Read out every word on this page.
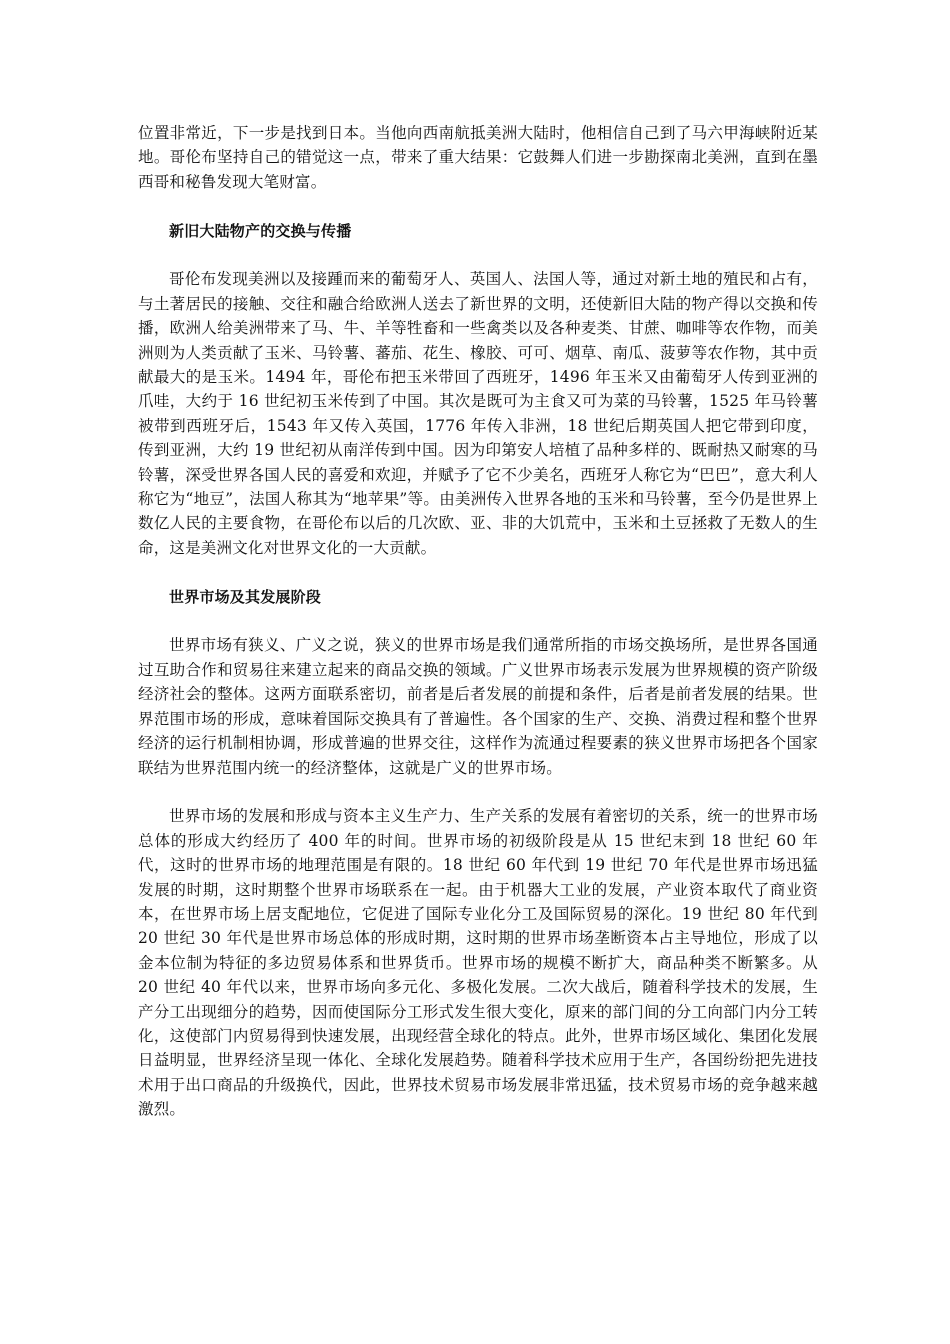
位置非常近，下一步是找到日本。当他向西南航抵美洲大陆时，他相信自己到了马六甲海峡附近某地。哥伦布坚持自己的错觉这一点，带来了重大结果：它鼓舞人们进一步勘探南北美洲，直到在墨西哥和秘鲁发现大笔财富。

新旧大陆物产的交换与传播

哥伦布发现美洲以及接踵而来的葡萄牙人、英国人、法国人等，通过对新土地的殖民和占有，与土著居民的接触、交往和融合给欧洲人送去了新世界的文明，还使新旧大陆的物产得以交换和传播，欧洲人给美洲带来了马、牛、羊等牲畜和一些禽类以及各种麦类、甘蔗、咖啡等农作物，而美洲则为人类贡献了玉米、马铃薯、蕃茄、花生、橡胶、可可、烟草、南瓜、菠萝等农作物，其中贡献最大的是玉米。1494 年，哥伦布把玉米带回了西班牙，1496 年玉米又由葡萄牙人传到亚洲的爪哇，大约于 16 世纪初玉米传到了中国。其次是既可为主食又可为菜的马铃薯，1525 年马铃薯被带到西班牙后，1543 年又传入英国，1776 年传入非洲，18 世纪后期英国人把它带到印度，传到亚洲，大约 19 世纪初从南洋传到中国。因为印第安人培植了品种多样的、既耐热又耐寒的马铃薯，深受世界各国人民的喜爱和欢迎，并赋予了它不少美名，西班牙人称它为“巴巴”，意大利人称它为“地豆”，法国人称其为“地苹果”等。由美洲传入世界各地的玉米和马铃薯，至今仍是世界上数亿人民的主要食物，在哥伦布以后的几次欧、亚、非的大饥荒中，玉米和土豆拯救了无数人的生命，这是美洲文化对世界文化的一大贡献。

世界市场及其发展阶段

世界市场有狭义、广义之说，狭义的世界市场是我们通常所指的市场交换场所，是世界各国通过互助合作和贸易往来建立起来的商品交换的领域。广义世界市场表示发展为世界规模的资产阶级经济社会的整体。这两方面联系密切，前者是后者发展的前提和条件，后者是前者发展的结果。世界范围市场的形成，意味着国际交换具有了普遍性。各个国家的生产、交换、消费过程和整个世界经济的运行机制相协调，形成普遍的世界交往，这样作为流通过程要素的狭义世界市场把各个国家联结为世界范围内统一的经济整体，这就是广义的世界市场。

世界市场的发展和形成与资本主义生产力、生产关系的发展有着密切的关系，统一的世界市场总体的形成大约经历了 400 年的时间。世界市场的初级阶段是从 15 世纪末到 18 世纪 60 年代，这时的世界市场的地理范围是有限的。18 世纪 60 年代到 19 世纪 70 年代是世界市场迅猛发展的时期，这时期整个世界市场联系在一起。由于机器大工业的发展，产业资本取代了商业资本，在世界市场上居支配地位，它促进了国际专业化分工及国际贸易的深化。19 世纪 80 年代到 20 世纪 30 年代是世界市场总体的形成时期，这时期的世界市场垄断资本占主导地位，形成了以金本位制为特征的多边贸易体系和世界货币。世界市场的规模不断扩大，商品种类不断繁多。从 20 世纪 40 年代以来，世界市场向多元化、多极化发展。二次大战后，随着科学技术的发展，生产分工出现细分的趋势，因而使国际分工形式发生很大变化，原来的部门间的分工向部门内分工转化，这使部门内贸易得到快速发展，出现经营全球化的特点。此外，世界市场区域化、集团化发展日益明显，世界经济呈现一体化、全球化发展趋势。随着科学技术应用于生产，各国纷纷把先进技术用于出口商品的升级换代，因此，世界技术贸易市场发展非常迅猛，技术贸易市场的竞争越来越激烈。
